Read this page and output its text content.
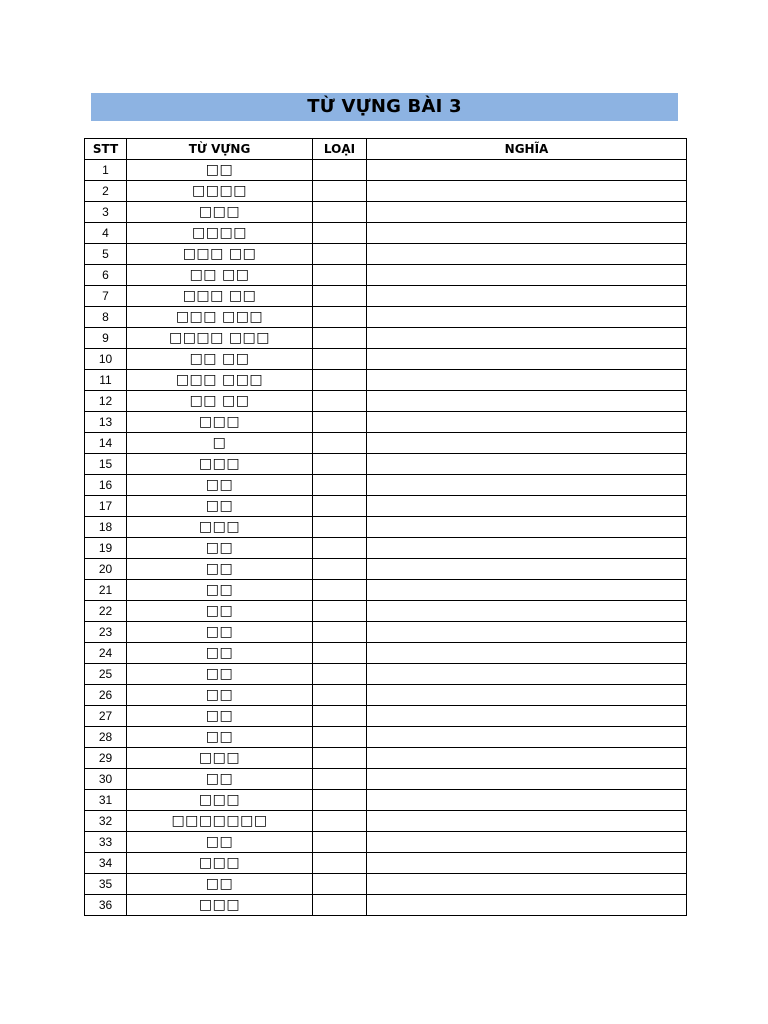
TỪ VỰNG BÀI 3
STT	TỪ VỰNG	LOẠI	NGHĨA
1	□□		
2	□□□□		
3	□□□		
4	□□□□		
5	□□□ □□		
6	□□ □□		
7	□□□ □□		
8	□□□ □□□		
9	□□□□ □□□		
10	□□ □□		
11	□□□ □□□		
12	□□ □□		
13	□□□		
14	□		
15	□□□		
16	□□		
17	□□		
18	□□□		
19	□□		
20	□□		
21	□□		
22	□□		
23	□□		
24	□□		
25	□□		
26	□□		
27	□□		
28	□□		
29	□□□		
30	□□		
31	□□□		
32	□□□□□□□		
33	□□		
34	□□□		
35	□□		
36	□□□		
